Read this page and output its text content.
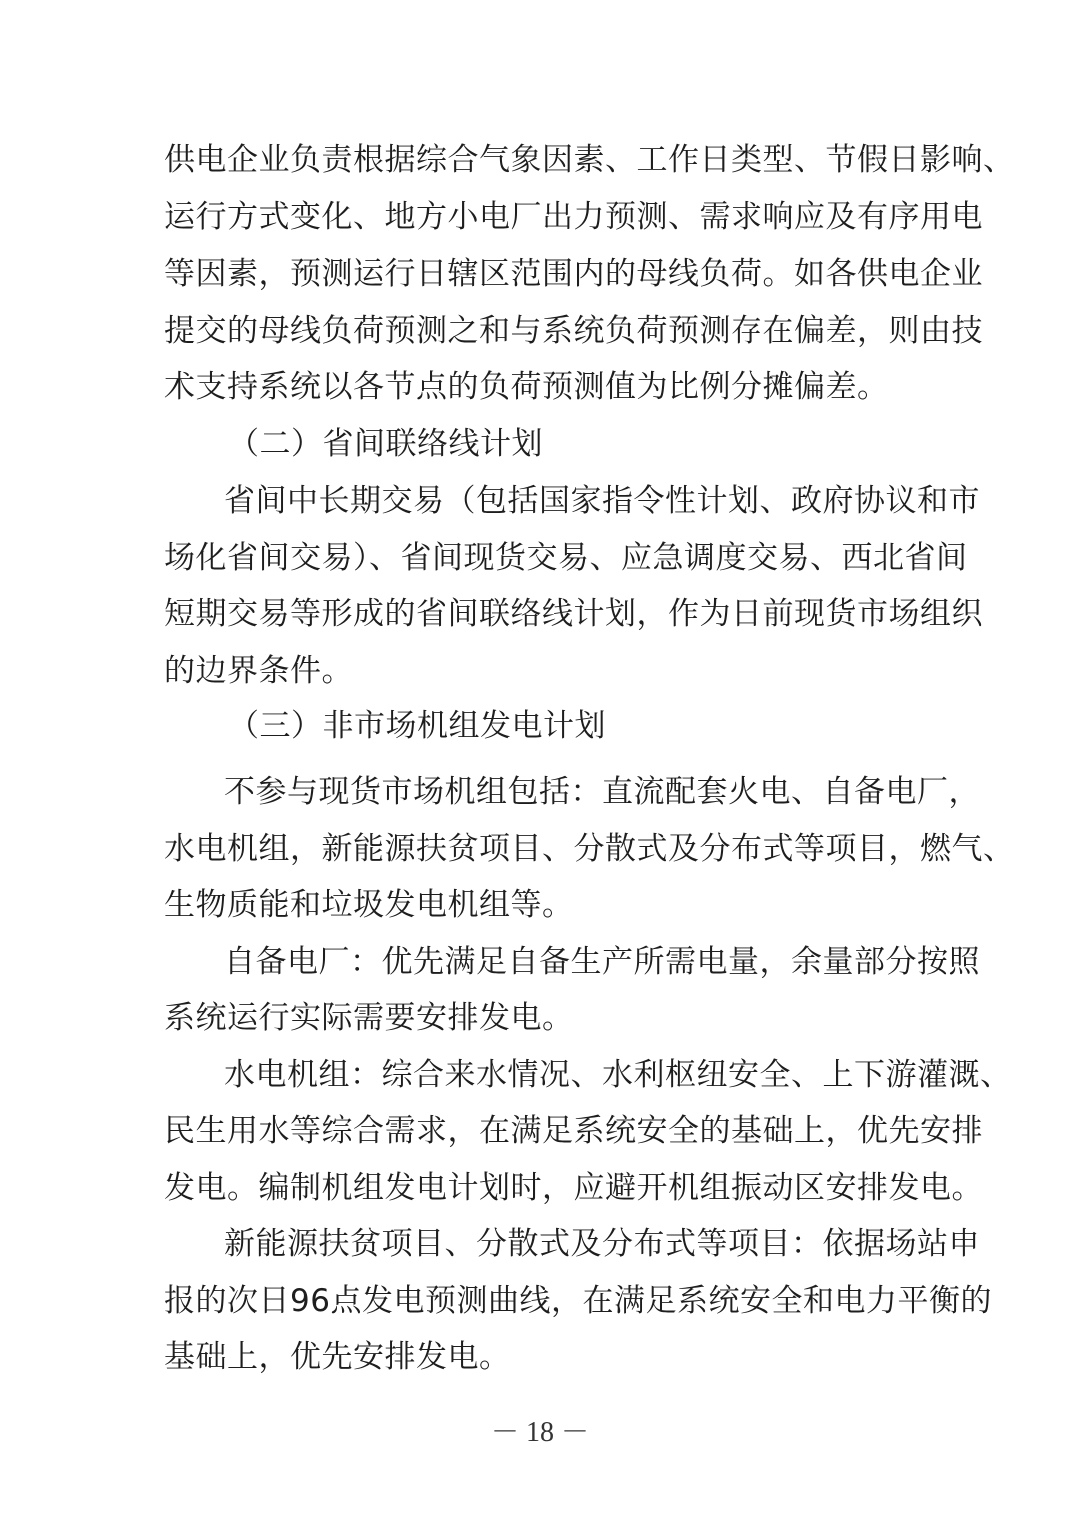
供电企业负责根据综合气象因素、工作日类型、节假日影响、

运行方式变化、地方小电厂出力预测、需求响应及有序用电

等因素，预测运行日辖区范围内的母线负荷。如各供电企业

提交的母线负荷预测之和与系统负荷预测存在偏差，则由技

术支持系统以各节点的负荷预测值为比例分摊偏差。

（二）省间联络线计划

省间中长期交易（包括国家指令性计划、政府协议和市

场化省间交易）、省间现货交易、应急调度交易、西北省间

短期交易等形成的省间联络线计划，作为日前现货市场组织

的边界条件。

（三）非市场机组发电计划

不参与现货市场机组包括：直流配套火电、自备电厂，

水电机组，新能源扶贫项目、分散式及分布式等项目，燃气、

生物质能和垃圾发电机组等。

自备电厂：优先满足自备生产所需电量，余量部分按照

系统运行实际需要安排发电。

水电机组：综合来水情况、水利枢纽安全、上下游灌溉、

民生用水等综合需求，在满足系统安全的基础上，优先安排

发电。编制机组发电计划时，应避开机组振动区安排发电。

新能源扶贫项目、分散式及分布式等项目：依据场站申

报的次日96点发电预测曲线，在满足系统安全和电力平衡的

基础上，优先安排发电。

－ 18 －
